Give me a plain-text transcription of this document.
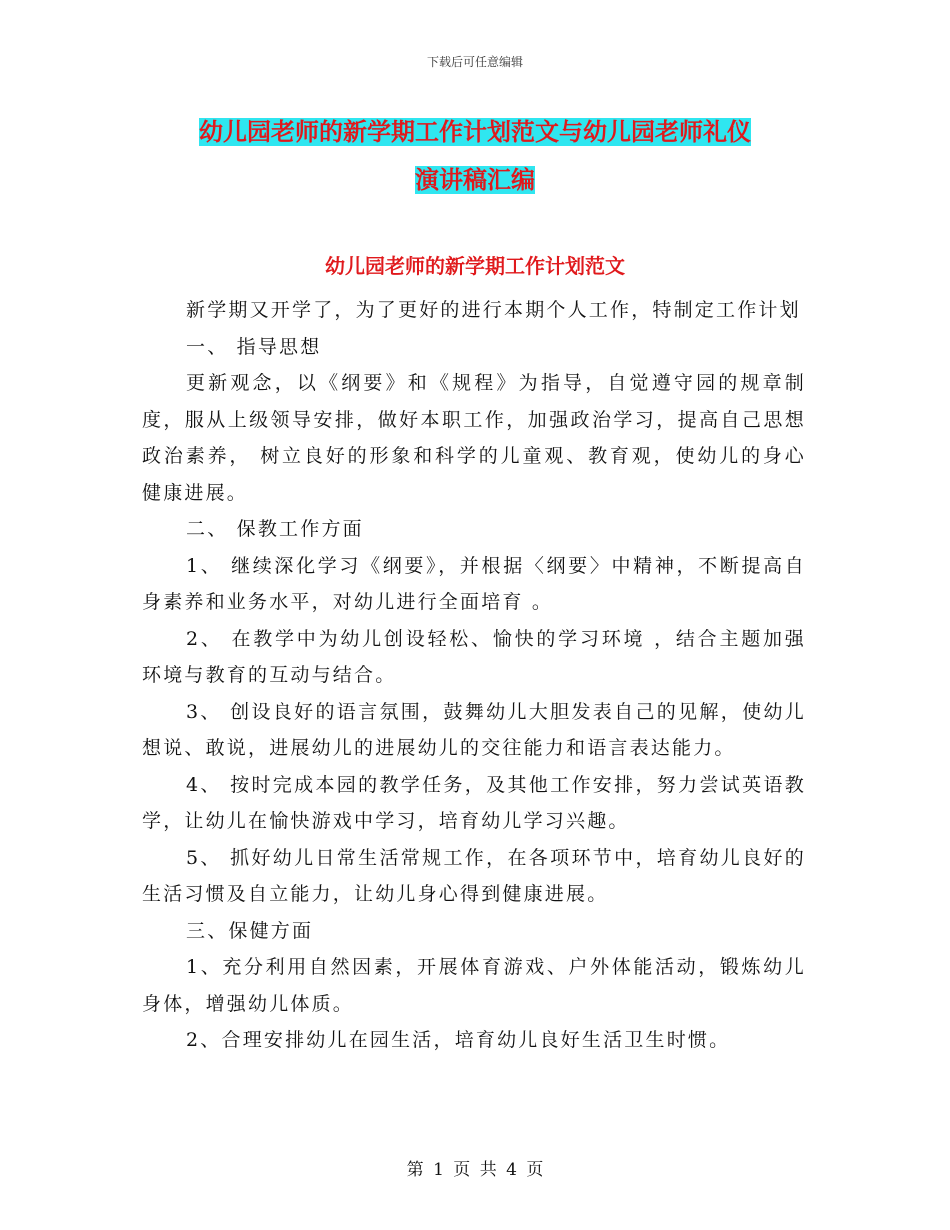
下载后可任意编辑
幼儿园老师的新学期工作计划范文与幼儿园老师礼仪
演讲稿汇编
幼儿园老师的新学期工作计划范文

新学期又开学了，为了更好的进行本期个人工作，特制定工作计划

一、 指导思想

更新观念，以《纲要》和《规程》为指导，自觉遵守园的规章制度，服从上级领导安排，做好本职工作，加强政治学习，提高自己思想政治素养， 树立良好的形象和科学的儿童观、教育观，使幼儿的身心健康进展。

二、 保教工作方面

1、 继续深化学习《纲要》，并根据〈纲要〉中精神，不断提高自身素养和业务水平，对幼儿进行全面培育 。

2、 在教学中为幼儿创设轻松、愉快的学习环境 ，结合主题加强环境与教育的互动与结合。

3、 创设良好的语言氛围，鼓舞幼儿大胆发表自己的见解，使幼儿想说、敢说，进展幼儿的进展幼儿的交往能力和语言表达能力。

4、 按时完成本园的教学任务，及其他工作安排，努力尝试英语教学，让幼儿在愉快游戏中学习，培育幼儿学习兴趣。

5、 抓好幼儿日常生活常规工作，在各项环节中，培育幼儿良好的生活习惯及自立能力，让幼儿身心得到健康进展。

三、保健方面

1、充分利用自然因素，开展体育游戏、户外体能活动，锻炼幼儿身体，增强幼儿体质。

2、合理安排幼儿在园生活，培育幼儿良好生活卫生时惯。

第 1 页 共 4 页
